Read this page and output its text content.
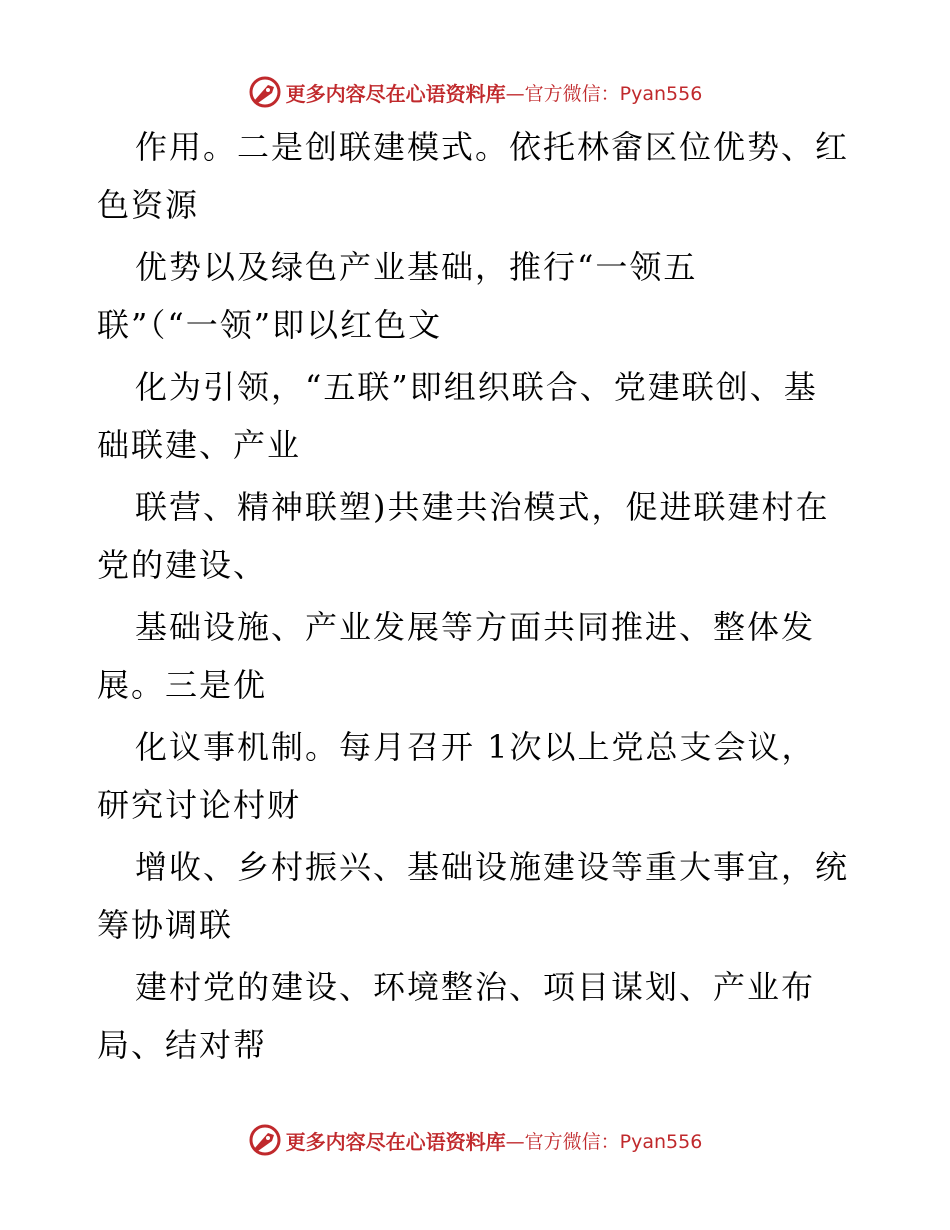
更多内容尽在心语资料库 —官方微信：Pyan556
作用。二是创联建模式。依托林畲区位优势、红
色资源
优势以及绿色产业基础，推行“一领五
联”（“一领”即以红色文
化为引领，“五联”即组织联合、党建联创、基
础联建、产业
联营、精神联塑)共建共治模式，促进联建村在
党的建设、
基础设施、产业发展等方面共同推进、整体发
展。三是优
化议事机制。每月召开 1次以上党总支会议，
研究讨论村财
增收、乡村振兴、基础设施建设等重大事宜，统
筹协调联
建村党的建设、环境整治、项目谋划、产业布
局、结对帮
更多内容尽在心语资料库 —官方微信：Pyan556
